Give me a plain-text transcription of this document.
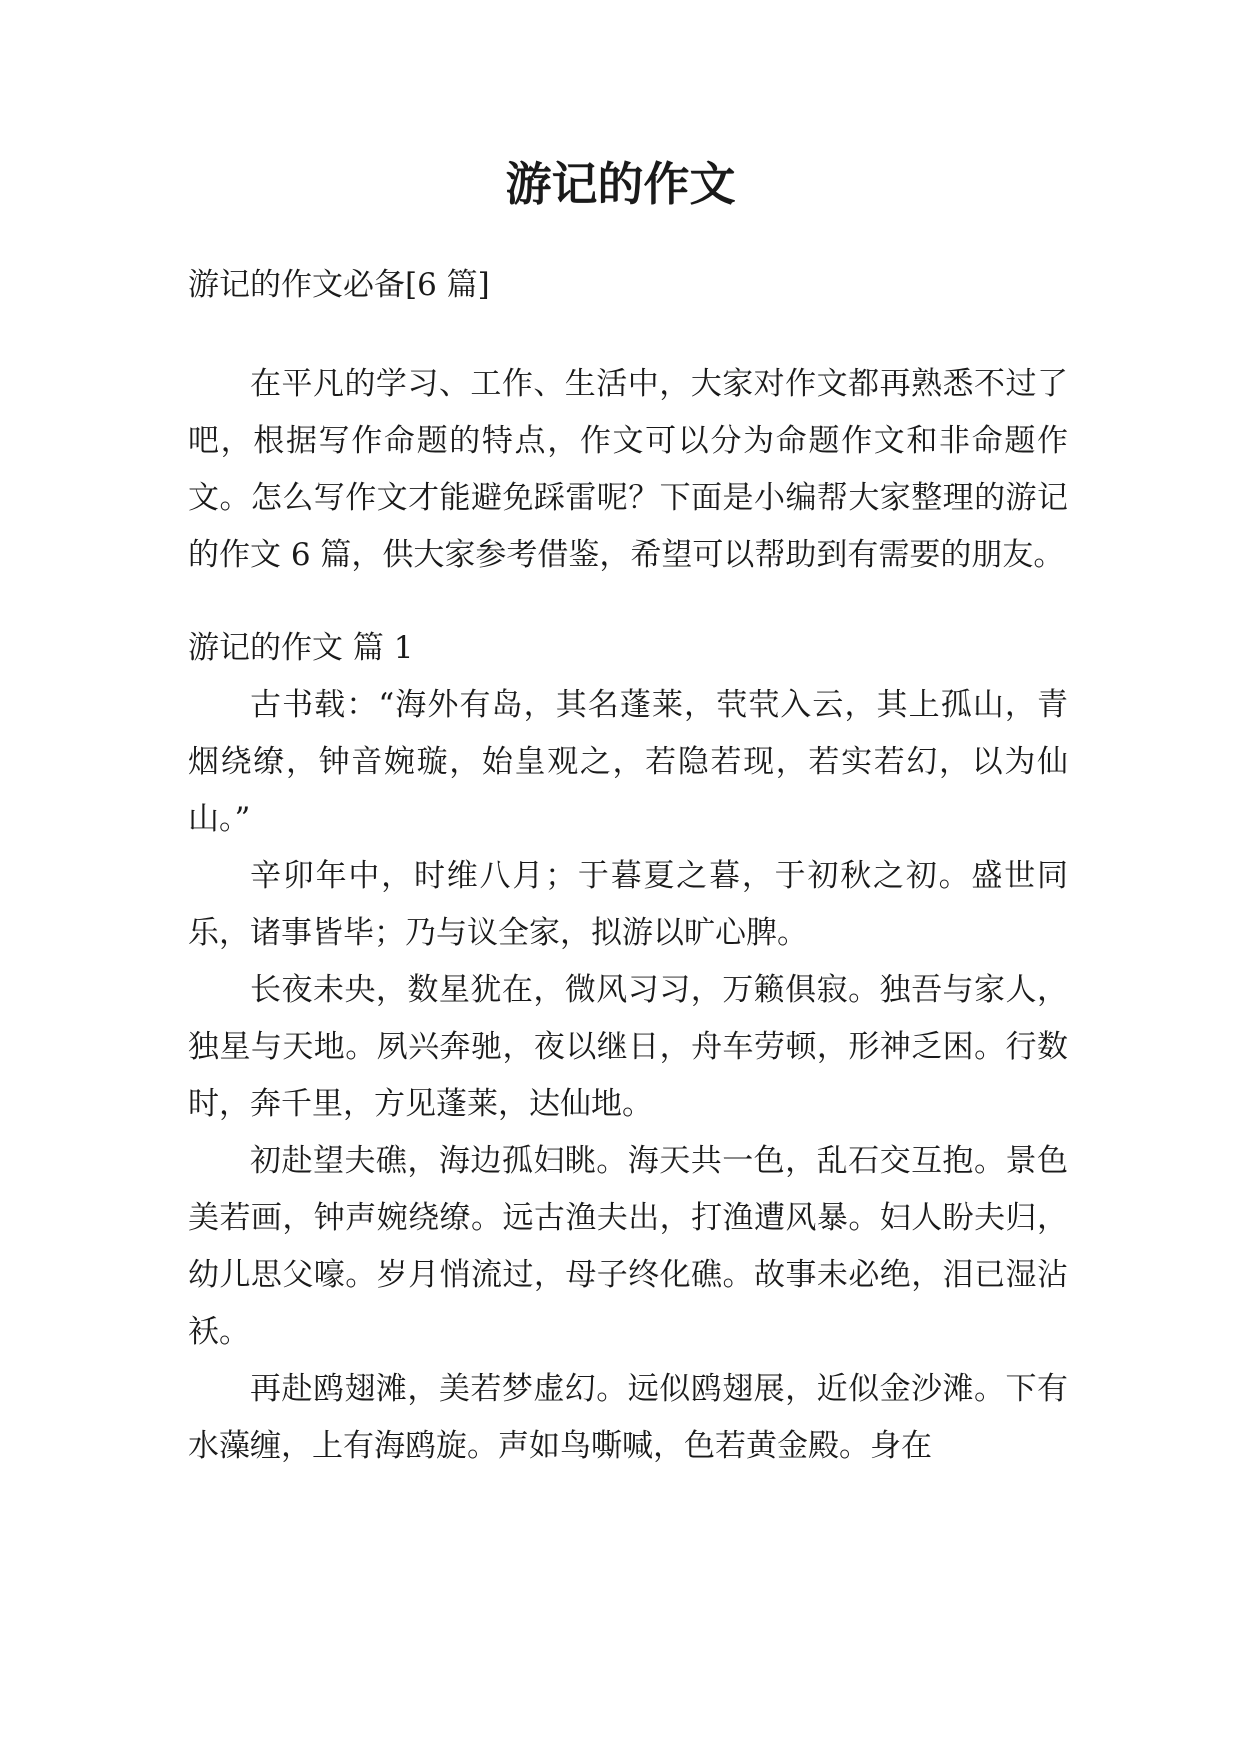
游记的作文
游记的作文必备[6 篇]

在平凡的学习、工作、生活中，大家对作文都再熟悉不过了吧，根据写作命题的特点，作文可以分为命题作文和非命题作文。怎么写作文才能避免踩雷呢？下面是小编帮大家整理的游记的作文 6 篇，供大家参考借鉴，希望可以帮助到有需要的朋友。

游记的作文 篇 1

古书载：“海外有岛，其名蓬莱，茕茕入云，其上孤山，青烟绕缭，钟音婉璇，始皇观之，若隐若现，若实若幻，以为仙山。”

辛卯年中，时维八月；于暮夏之暮，于初秋之初。盛世同乐，诸事皆毕；乃与议全家，拟游以旷心脾。

长夜未央，数星犹在，微风习习，万籁俱寂。独吾与家人，独星与天地。夙兴奔驰，夜以继日，舟车劳顿，形神乏困。行数时，奔千里，方见蓬莱，达仙地。

初赴望夫礁，海边孤妇眺。海天共一色，乱石交互抱。景色美若画，钟声婉绕缭。远古渔夫出，打渔遭风暴。妇人盼夫归，幼儿思父嚎。岁月悄流过，母子终化礁。故事未必绝，泪已湿沾袄。

再赴鸥翅滩，美若梦虚幻。远似鸥翅展，近似金沙滩。下有水藻缠，上有海鸥旋。声如鸟嘶喊，色若黄金殿。身在
